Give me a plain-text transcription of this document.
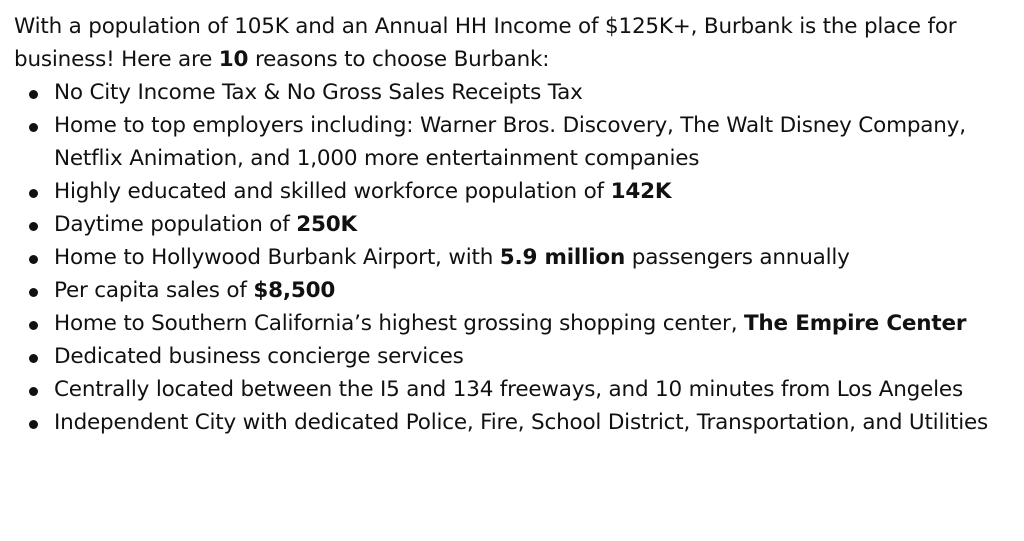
With a population of 105K and an Annual HH Income of $125K+, Burbank is the place for business! Here are 10 reasons to choose Burbank:

No City Income Tax & No Gross Sales Receipts Tax
Home to top employers including: Warner Bros. Discovery, The Walt Disney Company, Netflix Animation, and 1,000 more entertainment companies
Highly educated and skilled workforce population of 142K
Daytime population of 250K
Home to Hollywood Burbank Airport, with 5.9 million passengers annually
Per capita sales of $8,500
Home to Southern California’s highest grossing shopping center, The Empire Center
Dedicated business concierge services
Centrally located between the I5 and 134 freeways, and 10 minutes from Los Angeles
Independent City with dedicated Police, Fire, School District, Transportation, and Utilities
